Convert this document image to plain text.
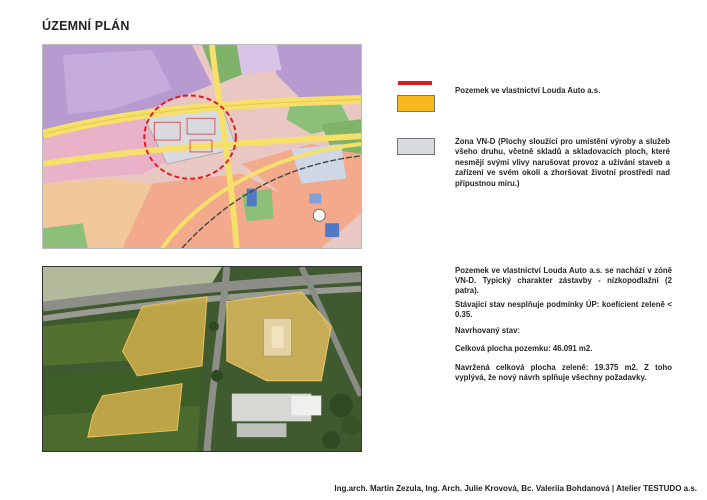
ÚZEMNÍ PLÁN
Pozemek ve vlastnictví Louda Auto a.s.
Zona VN-D (Plochy sloužící pro umístění výroby a služeb všeho druhu, včetně skladů a skladovacích ploch, které nesmějí svými vlivy narušovat provoz a užívání staveb a zařízení ve svém okolí a zhoršovat životní prostředí nad přípustnou míru.)
Pozemek ve vlastnictví Louda Auto a.s. se nachází v zóně VN-D. Typický charakter zástavby - nízkopodlažní (2 patra).
Stávající stav nesplňuje podmínky ÚP: koeficient zeleně < 0.35.
Navrhovaný stav:
Celková plocha pozemku: 46.091 m2.
Navržená celková plocha zeleně: 19.375 m2. Z toho vyplývá, že nový návrh splňuje všechny požadavky.
Ing.arch. Martin Zezula, Ing. Arch. Julie Krovová, Bc. Valeriia Bohdanová | Atelier TESTUDO a.s.
